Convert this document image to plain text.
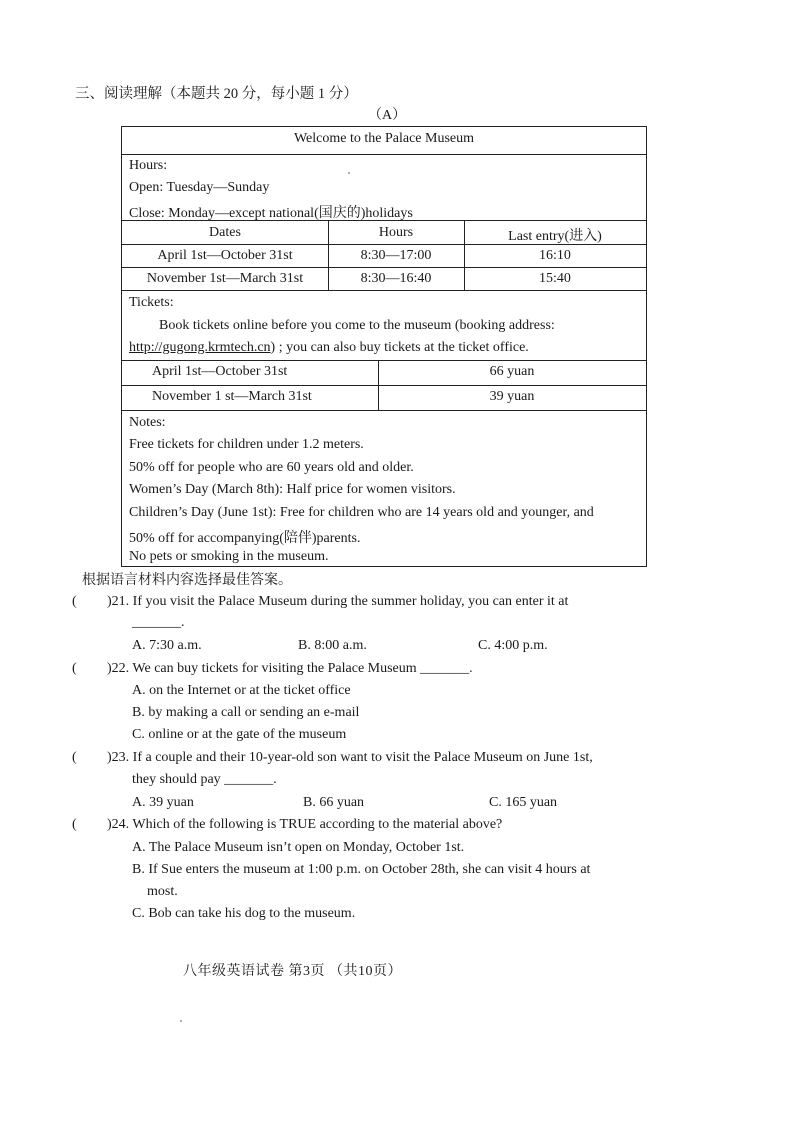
三、阅读理解（本题共 20 分，每小题 1 分）
（A）
Welcome to the Palace Museum
Hours:
Open: Tuesday—Sunday
Close: Monday—except national(国庆的)holidays
Dates	Hours	Last entry(进入)
April 1st—October 31st	8:30—17:00	16:10
November 1st—March 31st	8:30—16:40	15:40
Tickets:
Book tickets online before you come to the museum (booking address:
http://gugong.krmtech.cn) ; you can also buy tickets at the ticket office.
April 1st—October 31st	66 yuan
November 1 st—March 31st	39 yuan
Notes:
Free tickets for children under 1.2 meters.
50% off for people who are 60 years old and older.
Women’s Day (March 8th): Half price for women visitors.
Children’s Day (June 1st): Free for children who are 14 years old and younger, and
50% off for accompanying(陪伴)parents.
No pets or smoking in the museum.
根据语言材料内容选择最佳答案。
( )21. If you visit the Palace Museum during the summer holiday, you can enter it at
_______.
A. 7:30 a.m.	B. 8:00 a.m.	C. 4:00 p.m.
( )22. We can buy tickets for visiting the Palace Museum _______.
A. on the Internet or at the ticket office
B. by making a call or sending an e-mail
C. online or at the gate of the museum
( )23. If a couple and their 10-year-old son want to visit the Palace Museum on June 1st,
they should pay _______.
A. 39 yuan	B. 66 yuan	C. 165 yuan
( )24. Which of the following is TRUE according to the material above?
A. The Palace Museum isn’t open on Monday, October 1st.
B. If Sue enters the museum at 1:00 p.m. on October 28th, she can visit 4 hours at
most.
C. Bob can take his dog to the museum.
八年级英语试卷 第3页 （共10页）
